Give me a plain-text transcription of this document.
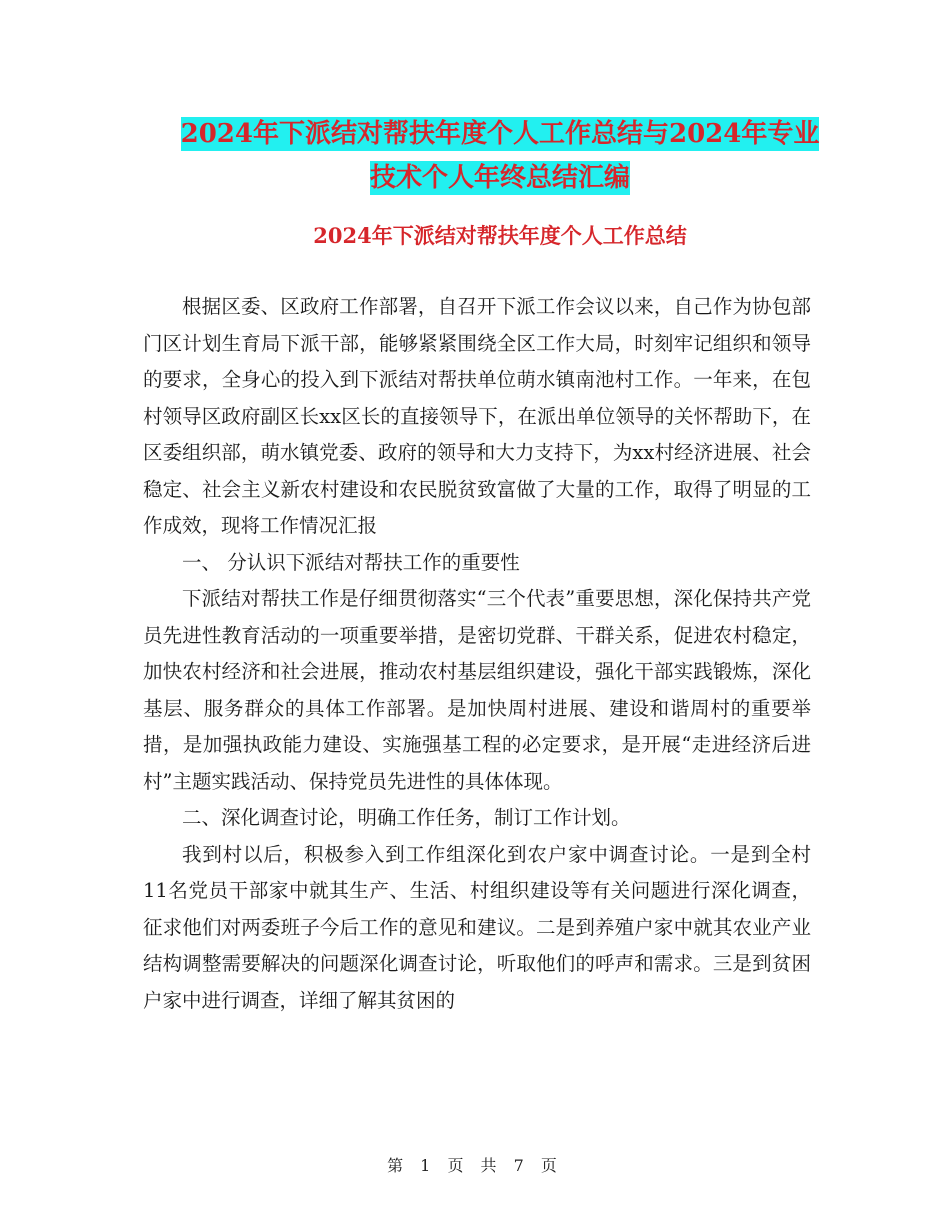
2024年下派结对帮扶年度个人工作总结与2024年专业
技术个人年终总结汇编
2024年下派结对帮扶年度个人工作总结

根据区委、区政府工作部署，自召开下派工作会议以来，自己作为协包部门区计划生育局下派干部，能够紧紧围绕全区工作大局，时刻牢记组织和领导的要求，全身心的投入到下派结对帮扶单位萌水镇南池村工作。一年来，在包村领导区政府副区长xx区长的直接领导下，在派出单位领导的关怀帮助下，在区委组织部，萌水镇党委、政府的领导和大力支持下，为xx村经济进展、社会稳定、社会主义新农村建设和农民脱贫致富做了大量的工作，取得了明显的工作成效，现将工作情况汇报

一、 分认识下派结对帮扶工作的重要性

下派结对帮扶工作是仔细贯彻落实“三个代表”重要思想，深化保持共产党员先进性教育活动的一项重要举措，是密切党群、干群关系，促进农村稳定，加快农村经济和社会进展，推动农村基层组织建设，强化干部实践锻炼，深化基层、服务群众的具体工作部署。是加快周村进展、建设和谐周村的重要举措，是加强执政能力建设、实施强基工程的必定要求，是开展“走进经济后进村”主题实践活动、保持党员先进性的具体体现。

二、深化调查讨论，明确工作任务，制订工作计划。

我到村以后，积极参入到工作组深化到农户家中调查讨论。一是到全村11名党员干部家中就其生产、生活、村组织建设等有关问题进行深化调查，征求他们对两委班子今后工作的意见和建议。二是到养殖户家中就其农业产业结构调整需要解决的问题深化调查讨论，听取他们的呼声和需求。三是到贫困户家中进行调查，详细了解其贫困的

第 1 页 共 7 页
